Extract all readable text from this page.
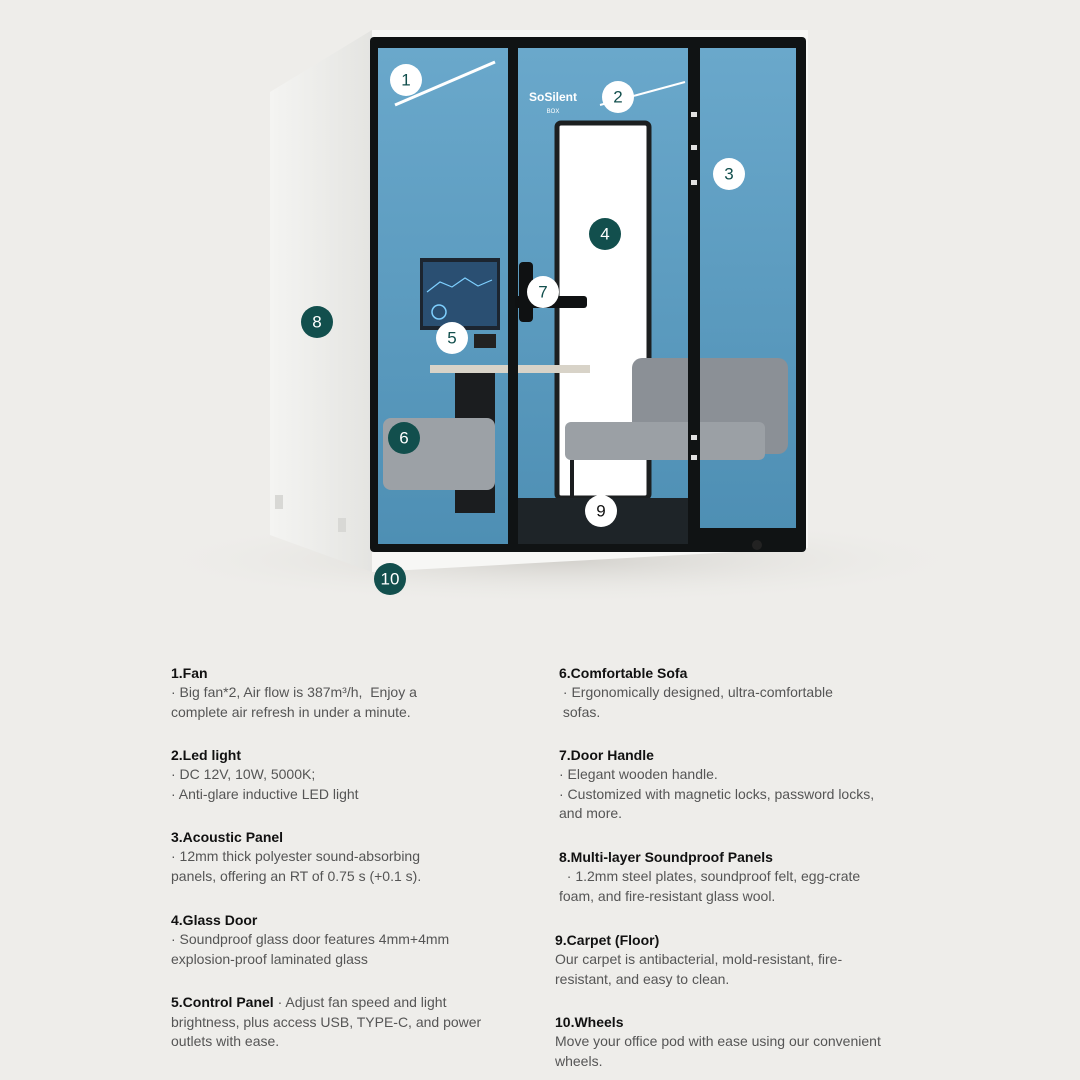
SoSilent
BOX
1
2
3
4
5
6
7
8
9
10

1.Fan

· Big fan*2, Air flow is 387m³/h,  Enjoy a

complete air refresh in under a minute.

2.Led light

· DC 12V, 10W, 5000K;

· Anti-glare inductive LED light

3.Acoustic Panel

· 12mm thick polyester sound-absorbing

panels, offering an RT of 0.75 s (+0.1 s).

4.Glass Door

· Soundproof glass door features 4mm+4mm

explosion-proof laminated glass

5.Control Panel · Adjust fan speed and light

brightness, plus access USB, TYPE-C, and power

outlets with ease.

6.Comfortable Sofa

· Ergonomically designed, ultra-comfortable

sofas.

7.Door Handle

· Elegant wooden handle.

· Customized with magnetic locks, password locks,

and more.

8.Multi-layer Soundproof Panels

· 1.2mm steel plates, soundproof felt, egg-crate

foam, and fire-resistant glass wool.

9.Carpet (Floor)

Our carpet is antibacterial, mold-resistant, fire-

resistant, and easy to clean.

10.Wheels

Move your office pod with ease using our convenient

wheels.
